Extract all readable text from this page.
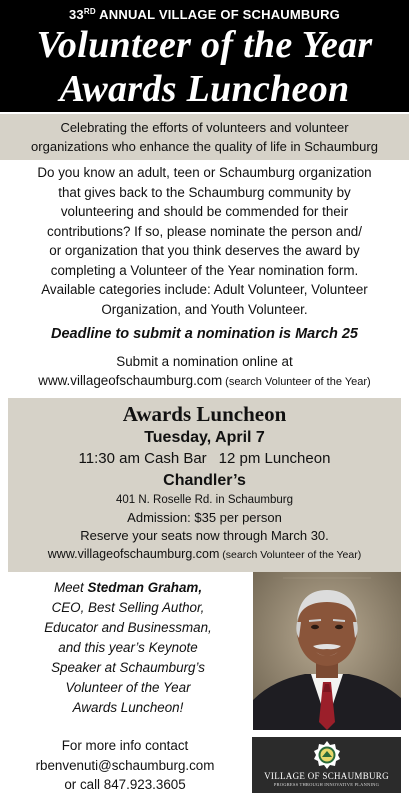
33RD ANNUAL VILLAGE OF SCHAUMBURG
Volunteer of the Year
Awards Luncheon
Celebrating the efforts of volunteers and volunteer
organizations who enhance the quality of life in Schaumburg
Do you know an adult, teen or Schaumburg organization
that gives back to the Schaumburg community by
volunteering and should be commended for their
contributions? If so, please nominate the person and/
or organization that you think deserves the award by
completing a Volunteer of the Year nomination form.
Available categories include: Adult Volunteer, Volunteer
Organization, and Youth Volunteer.
Deadline to submit a nomination is March 25
Submit a nomination online at
www.villageofschaumburg.com (search Volunteer of the Year)
Awards Luncheon
Tuesday, April 7
11:30 am Cash Bar 12 pm Luncheon
Chandler’s
401 N. Roselle Rd. in Schaumburg
Admission: $35 per person
Reserve your seats now through March 30.
www.villageofschaumburg.com (search Volunteer of the Year)
Meet Stedman Graham,
CEO, Best Selling Author,
Educator and Businessman,
and this year’s Keynote
Speaker at Schaumburg’s
Volunteer of the Year
Awards Luncheon!
For more info contact
rbenvenuti@schaumburg.com
or call 847.923.3605
VILLAGE OF SCHAUMBURG
PROGRESS THROUGH INNOVATIVE PLANNING
